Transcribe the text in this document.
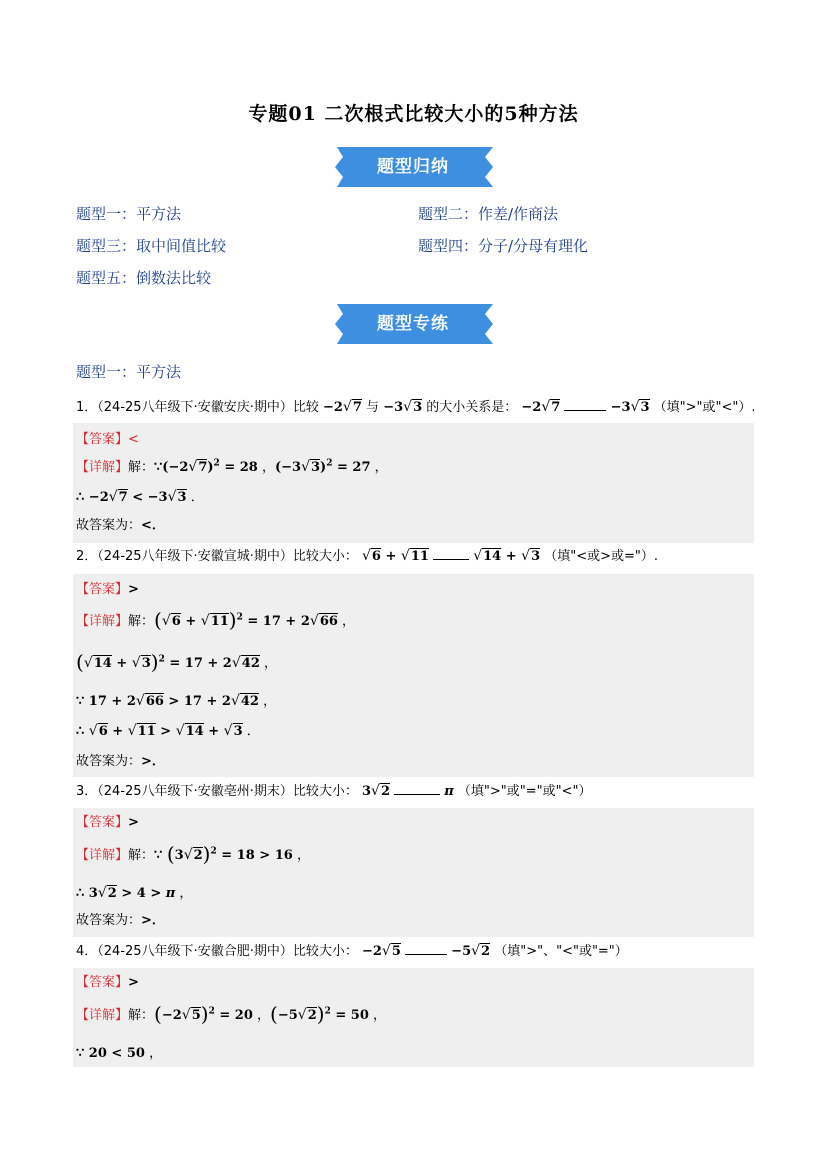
专题01 二次根式比较大小的5种方法
题型归纳
题型一：平方法	题型二：作差/作商法
题型三：取中间值比较	题型四：分子/分母有理化
题型五：倒数法比较
题型专练
题型一：平方法
1．（24-25八年级下·安徽安庆·期中）比较 −2√7 与 −3√3 的大小关系是： −2√7	−3√3 （填">"或"<"）.
【答案】<
【详解】解：$\because(-2√7)^2 = 28$ ，$(-3√3)^2 = 27$ ，
∴ −2√7 < −3√3 ．
故答案为：<．
2．（24-25八年级下·安徽宣城·期中）比较大小： √6 + √11	√14 + √3 （填"<或>或="）.
【答案】>
【详解】解：$(√6 + √11)^2 = 17 + 2√66$ ，
$(√14 + √3)^2 = 17 + 2√42$ ，
∵ 17 + 2√66 > 17 + 2√42 ，
∴ √6 + √11 > √14 + √3 ．
故答案为：>．
3．（24-25八年级下·安徽亳州·期末）比较大小： 3√2	π （填">"或"="或"<"）
【答案】>
【详解】解：∵ $(3√2)^2 = 18 > 16$ ，
∴ 3√2 > 4 > π ，
故答案为：>．
4．（24-25八年级下·安徽合肥·期中）比较大小： −2√5	−5√2 （填">"、"<"或"="）
【答案】>
【详解】解：$(-2√5)^2 = 20$ ，$(-5√2)^2 = 50$ ，
∵ 20 < 50 ，
